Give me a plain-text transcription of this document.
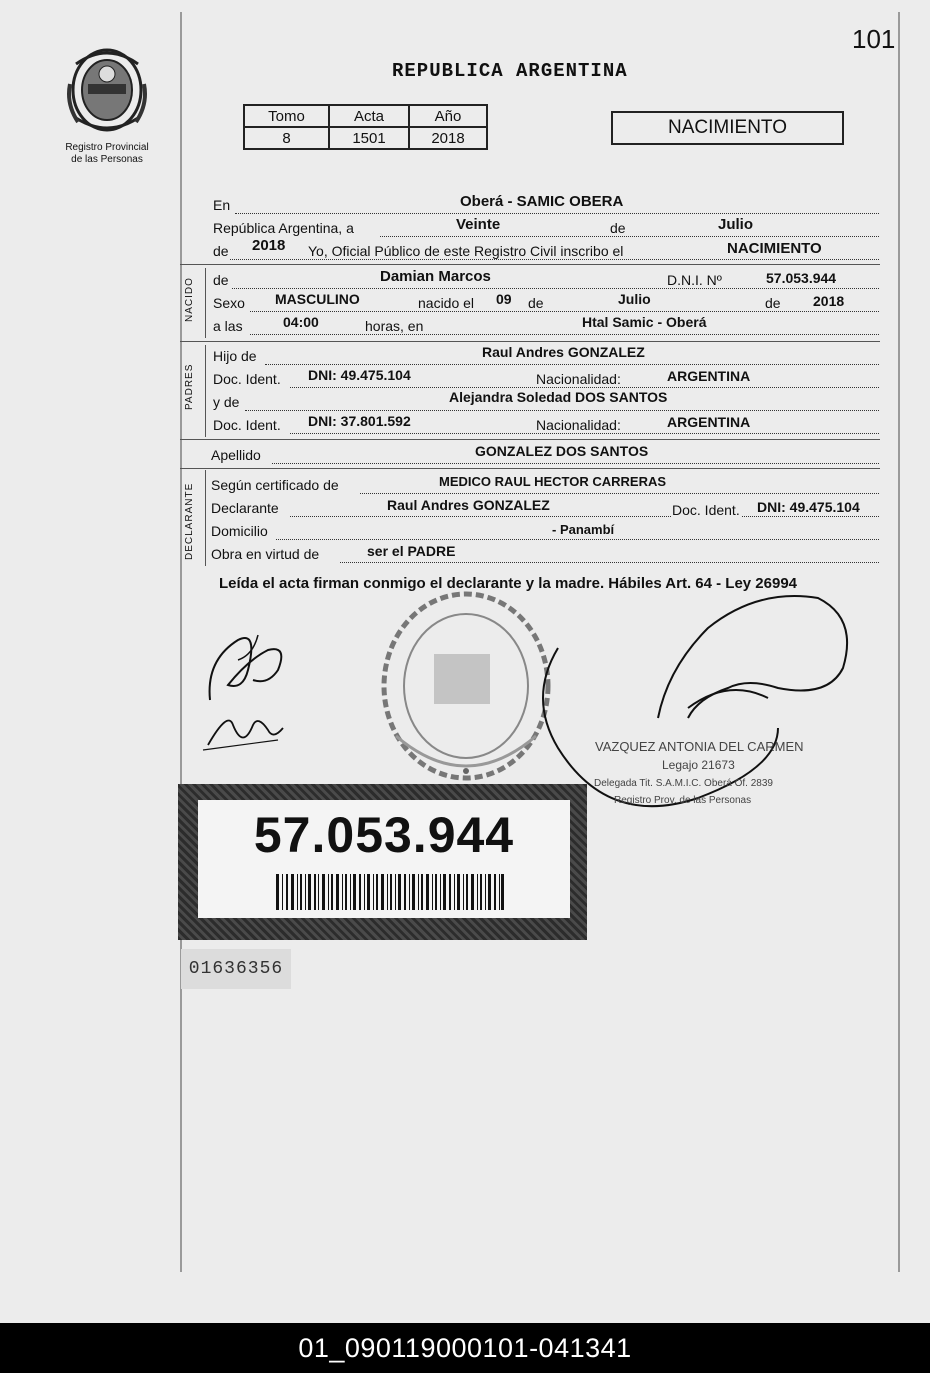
101
Registro Provincial
de las Personas
REPUBLICA ARGENTINA
Tomo	Acta	Año
8	1501	2018	NACIMIENTO
NACIDO
PADRES
DECLARANTE
En	Oberá - SAMIC OBERA
República Argentina, a	Veinte	de	Julio
de 2018 Yo, Oficial Público de este Registro Civil inscribo el	NACIMIENTO
de	Damian Marcos	D.N.I. Nº	57.053.944
Sexo MASCULINO	nacido el 09 de	Julio	de 2018
a las	04:00	horas, en	Htal Samic - Oberá
Hijo de	Raul Andres GONZALEZ
Doc. Ident. DNI: 49.475.104	Nacionalidad:	ARGENTINA
y de	Alejandra Soledad DOS SANTOS
Doc. Ident. DNI: 37.801.592	Nacionalidad:	ARGENTINA
Apellido	GONZALEZ DOS SANTOS
Según certificado de	MEDICO RAUL HECTOR CARRERAS
Declarante	Raul Andres GONZALEZ	Doc. Ident. DNI: 49.475.104
Domicilio	- Panambí
Obra en virtud de	ser el PADRE
Leída el acta firman conmigo el declarante y la madre. Hábiles Art. 64 - Ley 26994
VAZQUEZ ANTONIA DEL CARMEN
Legajo 21673
Delegada Tit. S.A.M.I.C. Oberá Of. 2839
Registro Prov. de las Personas
57.053.944
01636356
01_090119000101-041341
